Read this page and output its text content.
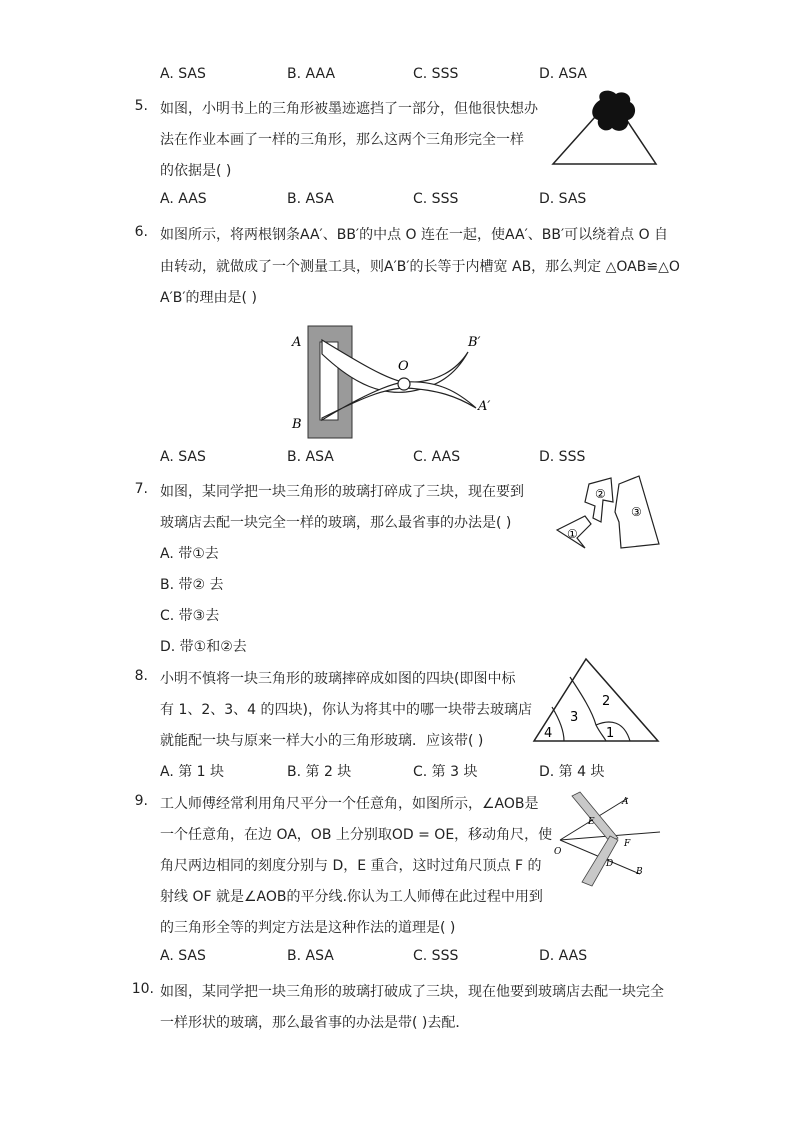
A. SAS	B. AAA	C. SSS	D. ASA
5. 如图，小明书上的三角形被墨迹遮挡了一部分，但他很快想办
法在作业本画了一样的三角形，那么这两个三角形完全一样
的依据是( )
A. AAS	B. ASA	C. SSS	D. SAS
6. 如图所示，将两根钢条AA′、BB′的中点 O 连在一起，使AA′、BB′可以绕着点 O 自
由转动，就做成了一个测量工具，则A′B′的长等于内槽宽 AB，那么判定 △OAB≌△O
A′B′的理由是( )
A
B
O
B′
A′
A. SAS	B. ASA	C. AAS	D. SSS
7. 如图，某同学把一块三角形的玻璃打碎成了三块，现在要到
玻璃店去配一块完全一样的玻璃，那么最省事的办法是( )
①
②
③
A. 带①去
B. 带② 去
C. 带③去
D. 带①和②去
8. 小明不慎将一块三角形的玻璃摔碎成如图的四块(即图中标
有 1、2、3、4 的四块)，你认为将其中的哪一块带去玻璃店
就能配一块与原来一样大小的三角形玻璃．应该带( )
2
3
4	1
A. 第 1 块	B. 第 2 块	C. 第 3 块	D. 第 4 块
9. 工人师傅经常利用角尺平分一个任意角，如图所示，∠AOB是
一个任意角，在边 OA，OB 上分别取OD = OE，移动角尺，使
角尺两边相同的刻度分别与 D，E 重合，这时过角尺顶点 F 的
射线 OF 就是∠AOB的平分线.你认为工人师傅在此过程中用到
的三角形全等的判定方法是这种作法的道理是( )
A
E
O
F
D
B
A. SAS	B. ASA	C. SSS	D. AAS
10. 如图，某同学把一块三角形的玻璃打破成了三块，现在他要到玻璃店去配一块完全
一样形状的玻璃，那么最省事的办法是带( )去配．
